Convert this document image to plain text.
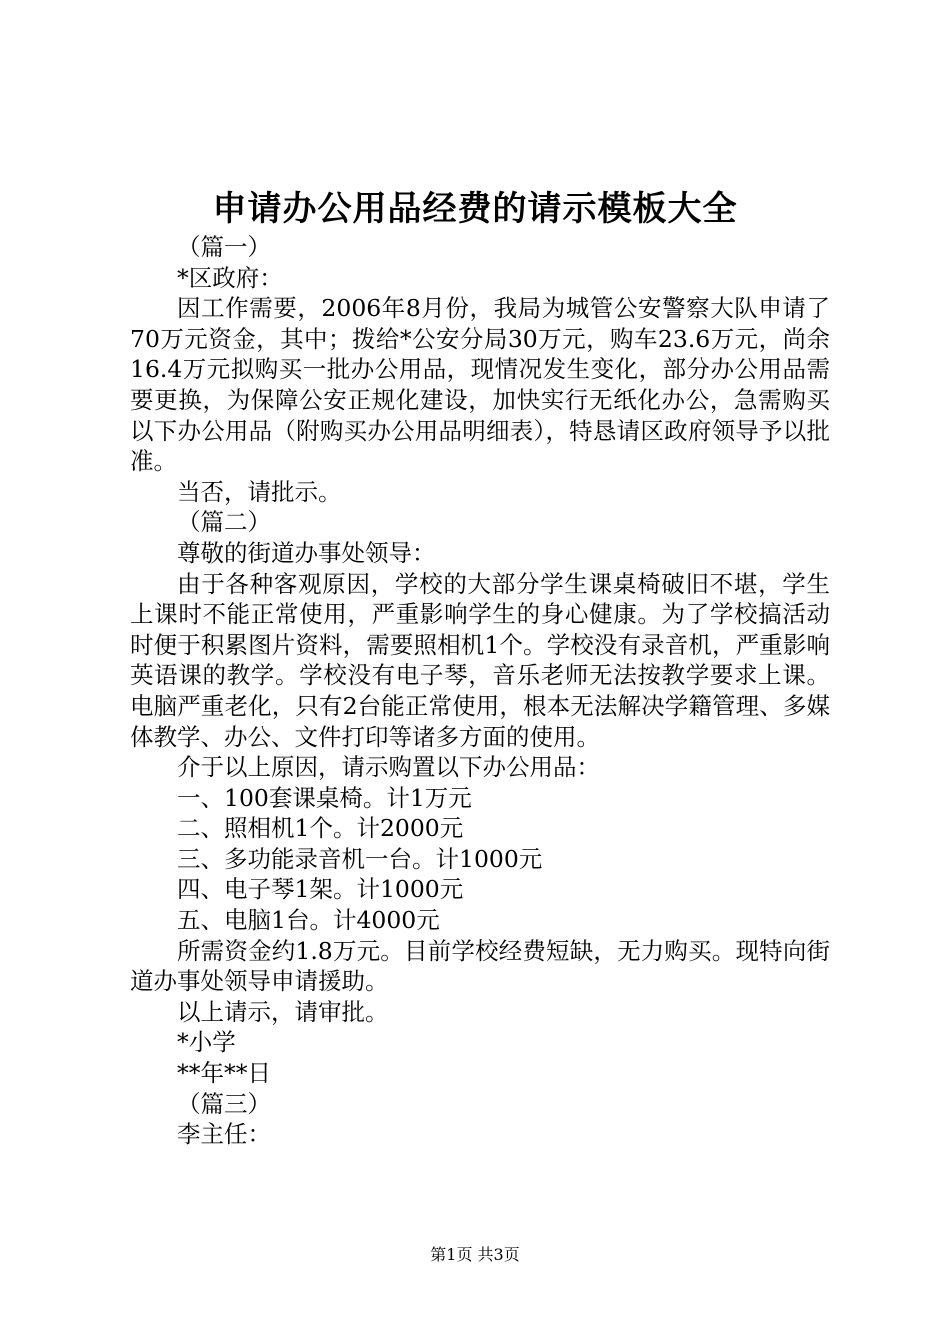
申请办公用品经费的请示模板大全

（篇一）

*区政府：

因工作需要，2006年8月份，我局为城管公安警察大队申请了70万元资金，其中；拨给*公安分局30万元，购车23.6万元，尚余16.4万元拟购买一批办公用品，现情况发生变化，部分办公用品需要更换，为保障公安正规化建设，加快实行无纸化办公，急需购买以下办公用品（附购买办公用品明细表），特恳请区政府领导予以批准。

当否，请批示。

（篇二）

尊敬的街道办事处领导：

由于各种客观原因，学校的大部分学生课桌椅破旧不堪，学生上课时不能正常使用，严重影响学生的身心健康。为了学校搞活动时便于积累图片资料，需要照相机1个。学校没有录音机，严重影响英语课的教学。学校没有电子琴，音乐老师无法按教学要求上课。电脑严重老化，只有2台能正常使用，根本无法解决学籍管理、多媒体教学、办公、文件打印等诸多方面的使用。

介于以上原因，请示购置以下办公用品：

一、100套课桌椅。计1万元

二、照相机1个。计2000元

三、多功能录音机一台。计1000元

四、电子琴1架。计1000元

五、电脑1台。计4000元

所需资金约1.8万元。目前学校经费短缺，无力购买。现特向街道办事处领导申请援助。

以上请示，请审批。

*小学

**年**日

（篇三）

李主任：

第1页 共3页
